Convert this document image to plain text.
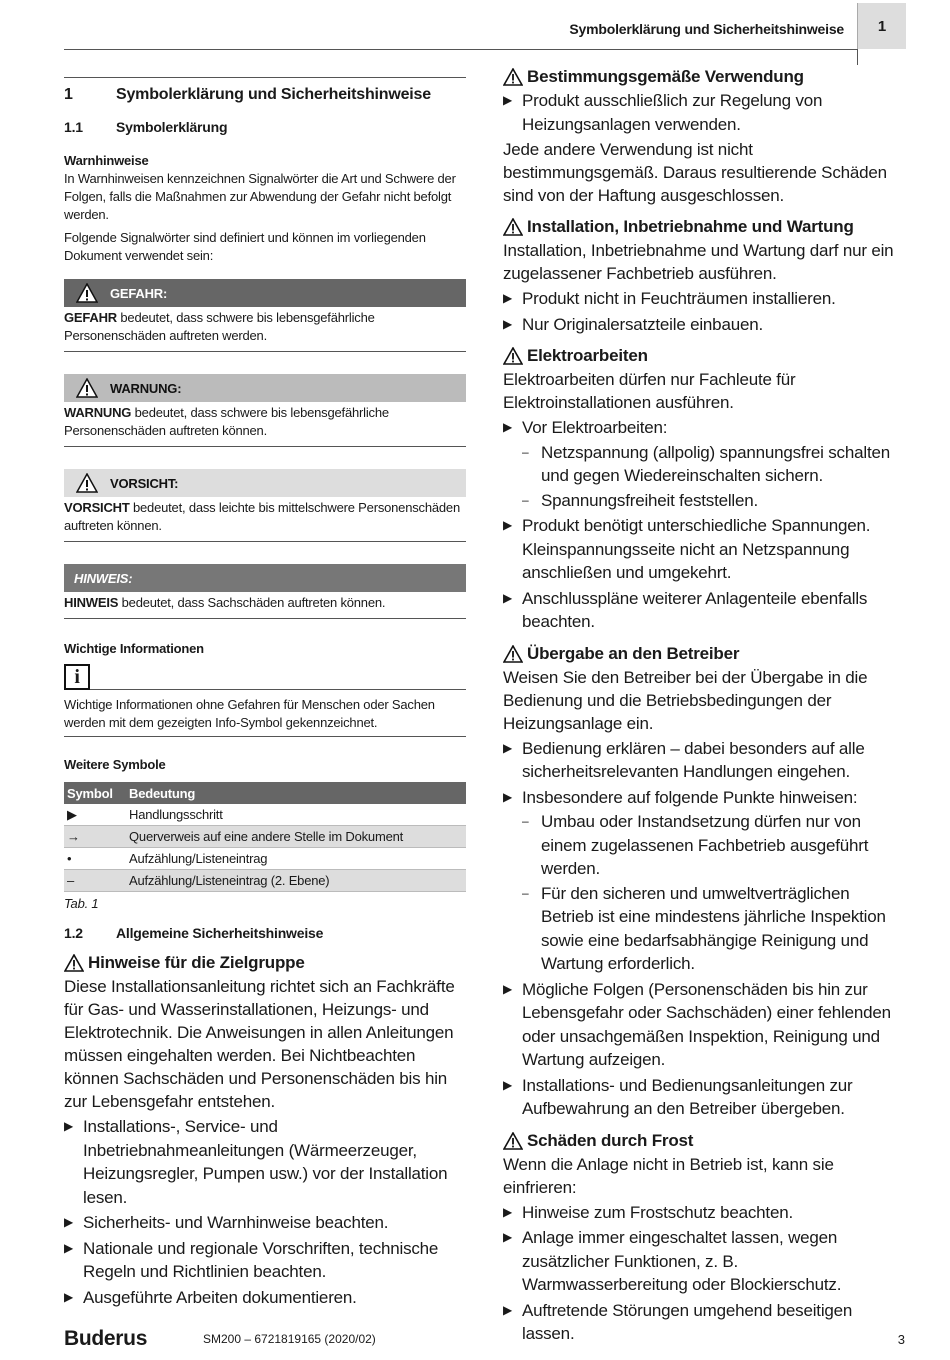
Symbolerklärung und Sicherheitshinweise	1
1	Symbolerklärung und Sicherheitshinweise
1.1	Symbolerklärung
Warnhinweise

In Warnhinweisen kennzeichnen Signalwörter die Art und Schwere der Folgen, falls die Maßnahmen zur Abwendung der Gefahr nicht befolgt werden.

Folgende Signalwörter sind definiert und können im vorliegenden Dokument verwendet sein:

GEFAHR:

GEFAHR bedeutet, dass schwere bis lebensgefährliche Personenschäden auftreten werden.

WARNUNG:

WARNUNG bedeutet, dass schwere bis lebensgefährliche Personenschäden auftreten können.

VORSICHT:

VORSICHT bedeutet, dass leichte bis mittelschwere Personenschäden auftreten können.

HINWEIS:

HINWEIS bedeutet, dass Sachschäden auftreten können.

Wichtige Informationen
i
Wichtige Informationen ohne Gefahren für Menschen oder Sachen werden mit dem gezeigten Info-Symbol gekennzeichnet.
Weitere Symbole
Symbol	Bedeutung
▶	Handlungsschritt
→	Querverweis auf eine andere Stelle im Dokument
•	Aufzählung/Listeneintrag
–	Aufzählung/Listeneintrag (2. Ebene)
Tab. 1
1.2	Allgemeine Sicherheitshinweise
Hinweise für die Zielgruppe
Diese Installationsanleitung richtet sich an Fachkräfte für Gas- und Wasserinstallationen, Heizungs- und Elektrotechnik. Die Anweisungen in allen Anleitungen müssen eingehalten werden. Bei Nichtbeachten können Sachschäden und Personenschäden bis hin zur Lebensgefahr entstehen.
▶ Installations-, Service- und Inbetriebnahmeanleitungen (Wärmeerzeuger, Heizungsregler, Pumpen usw.) vor der Installation lesen.
▶ Sicherheits- und Warnhinweise beachten.
▶ Nationale und regionale Vorschriften, technische Regeln und Richtlinien beachten.
▶ Ausgeführte Arbeiten dokumentieren.
Bestimmungsgemäße Verwendung
▶ Produkt ausschließlich zur Regelung von Heizungsanlagen verwenden.
Jede andere Verwendung ist nicht bestimmungsgemäß. Daraus resultierende Schäden sind von der Haftung ausgeschlossen.
Installation, Inbetriebnahme und Wartung
Installation, Inbetriebnahme und Wartung darf nur ein zugelassener Fachbetrieb ausführen.
▶ Produkt nicht in Feuchträumen installieren.
▶ Nur Originalersatzteile einbauen.
Elektroarbeiten
Elektroarbeiten dürfen nur Fachleute für Elektroinstallationen ausführen.
▶ Vor Elektroarbeiten:
– Netzspannung (allpolig) spannungsfrei schalten und gegen Wiedereinschalten sichern.
– Spannungsfreiheit feststellen.
▶ Produkt benötigt unterschiedliche Spannungen. Kleinspannungsseite nicht an Netzspannung anschließen und umgekehrt.
▶ Anschlusspläne weiterer Anlagenteile ebenfalls beachten.
Übergabe an den Betreiber
Weisen Sie den Betreiber bei der Übergabe in die Bedienung und die Betriebsbedingungen der Heizungsanlage ein.
▶ Bedienung erklären – dabei besonders auf alle sicherheitsrelevanten Handlungen eingehen.
▶ Insbesondere auf folgende Punkte hinweisen:
– Umbau oder Instandsetzung dürfen nur von einem zugelassenen Fachbetrieb ausgeführt werden.
– Für den sicheren und umweltverträglichen Betrieb ist eine mindestens jährliche Inspektion sowie eine bedarfsabhängige Reinigung und Wartung erforderlich.
▶ Mögliche Folgen (Personenschäden bis hin zur Lebensgefahr oder Sachschäden) einer fehlenden oder unsachgemäßen Inspektion, Reinigung und Wartung aufzeigen.
▶ Installations- und Bedienungsanleitungen zur Aufbewahrung an den Betreiber übergeben.
Schäden durch Frost
Wenn die Anlage nicht in Betrieb ist, kann sie einfrieren:
▶ Hinweise zum Frostschutz beachten.
▶ Anlage immer eingeschaltet lassen, wegen zusätzlicher Funktionen, z. B. Warmwasserbereitung oder Blockierschutz.
▶ Auftretende Störungen umgehend beseitigen lassen.
Buderus	SM200 – 6721819165 (2020/02)	3
